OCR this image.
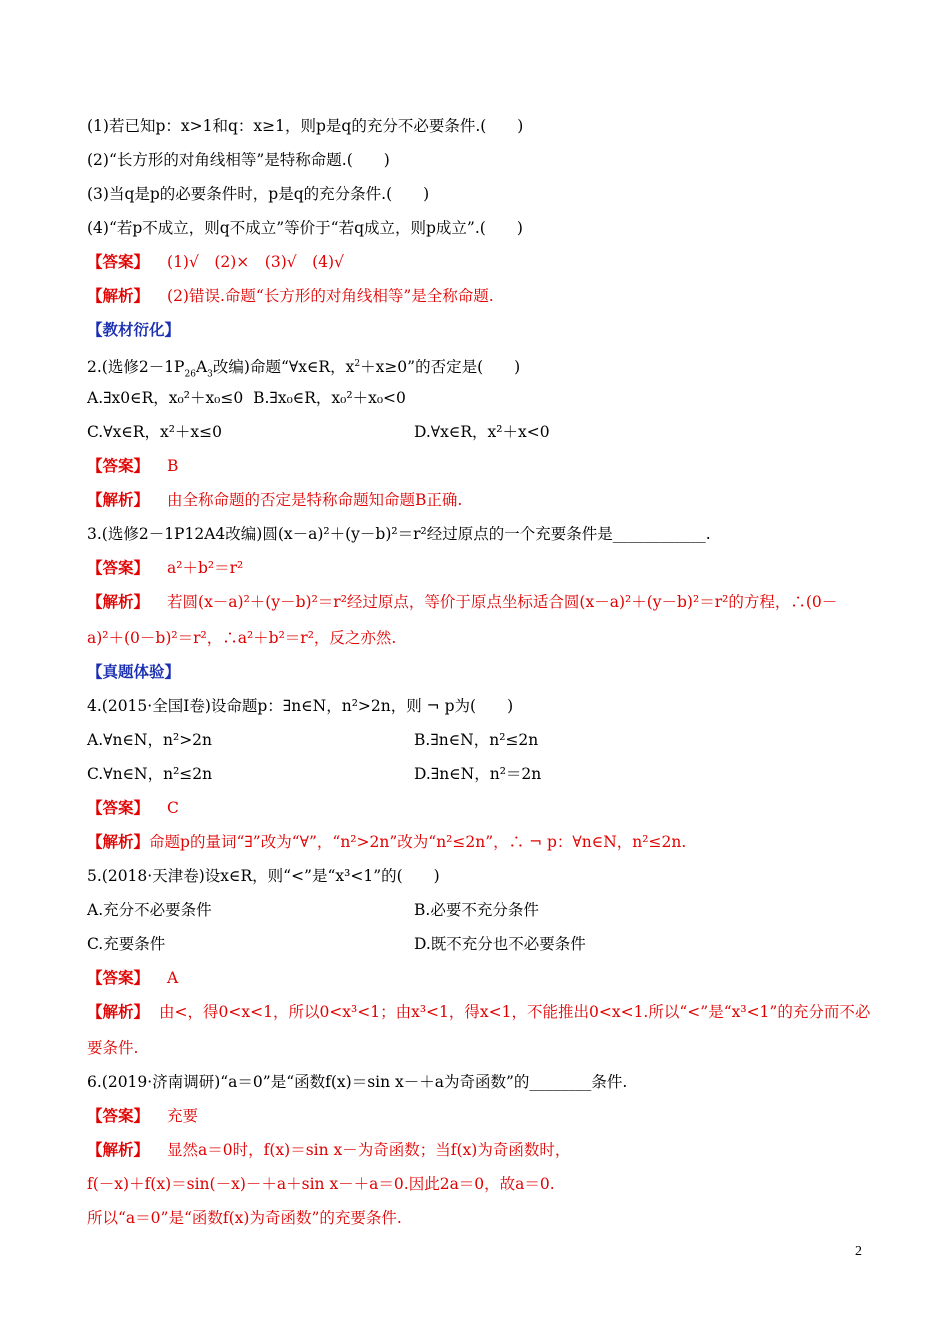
(1)若已知p：x>1和q：x≥1，则p是q的充分不必要条件.(　　)
(2)“长方形的对角线相等”是特称命题.(　　)
(3)当q是p的必要条件时，p是q的充分条件.(　　)
(4)“若p不成立，则q不成立”等价于“若q成立，则p成立”.(　　)
【答案】 (1)√　(2)×　(3)√　(4)√
【解析】 (2)错误.命题“长方形的对角线相等”是全称命题.
【教材衍化】
2.(选修$2-1P_{26}A_3$改编)命题“∀x∈R，$x^2+x\ge 0$”的否定是(　　)
A.∃x0∈R，x₀²＋x₀≤0 B.∃x₀∈R，x₀²＋x₀<0
C.∀x∈R，x²＋x≤0	D.∀x∈R，x²＋x<0
【答案】 B
【解析】 由全称命题的否定是特称命题知命题B正确.
3.(选修2－1P12A4改编)圆(x－a)²＋(y－b)²＝r²经过原点的一个充要条件是____________.
【答案】 a²＋b²＝r²
【解析】 若圆(x－a)²＋(y－b)²＝r²经过原点，等价于原点坐标适合圆(x－a)²＋(y－b)²＝r²的方程，∴(0－
a)²＋(0－b)²＝r²，∴a²＋b²＝r²，反之亦然.
【真题体验】
4.(2015·全国Ⅰ卷)设命题p：∃n∈N，n²>2n，则 ¬ p为(　　)
A.∀n∈N，n²>2n	B.∃n∈N，n²≤2n
C.∀n∈N，n²≤2n	D.∃n∈N，n²＝2n
【答案】 C
【解析】命题p的量词“∃”改为“∀”，“n²>2n”改为“n²≤2n”，∴ ¬ p：∀n∈N，n²≤2n.
5.(2018·天津卷)设x∈R，则“<”是“x³<1”的(　　)
A.充分不必要条件	B.必要不充分条件
C.充要条件	D.既不充分也不必要条件
【答案】 A
【解析】 由<，得0<x<1，所以0<x³<1；由x³<1，得x<1，不能推出0<x<1.所以“<”是“x³<1”的充分而不必
要条件.
6.(2019·济南调研)“a＝0”是“函数f(x)＝sin x－＋a为奇函数”的________条件.
【答案】 充要
【解析】 显然a＝0时，f(x)＝sin x－为奇函数；当f(x)为奇函数时，
f(－x)＋f(x)＝sin(－x)－＋a＋sin x－＋a＝0.因此2a＝0，故a＝0.
所以“a＝0”是“函数f(x)为奇函数”的充要条件.
2
